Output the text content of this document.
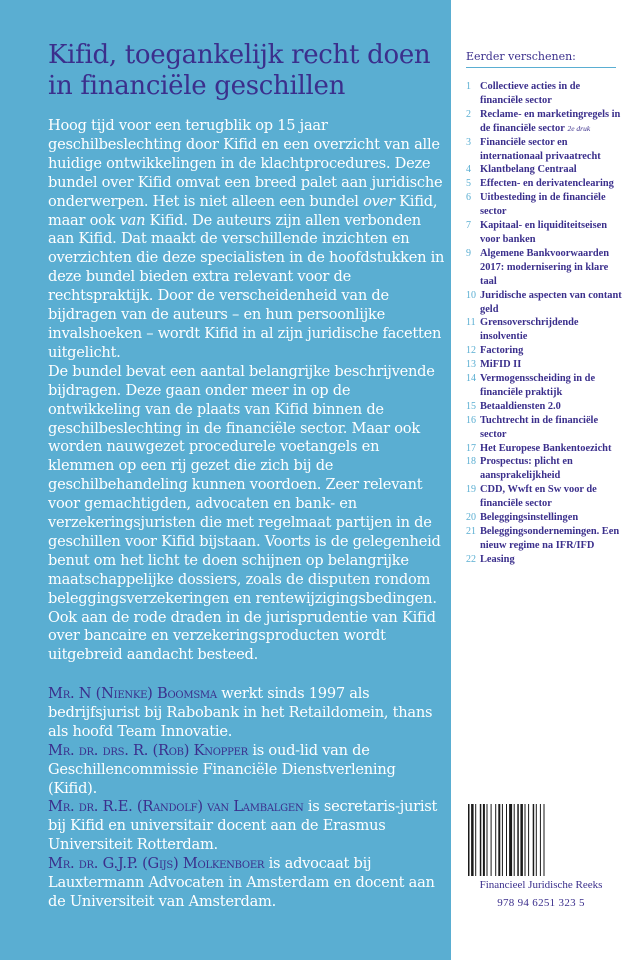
Kifid, toegankelijk recht doen in financiële geschillen

Hoog tijd voor een terugblik op 15 jaar geschilbeslechting door Kifid en een overzicht van alle huidige ontwikkelingen in de klachtprocedures. Deze bundel over Kifid omvat een breed palet aan juridische onderwerpen. Het is niet alleen een bundel over Kifid, maar ook van Kifid. De auteurs zijn allen verbonden aan Kifid. Dat maakt de verschillende inzichten en overzichten die deze specialisten in de hoofdstukken in deze bundel bieden extra relevant voor de rechtspraktijk. Door de verscheidenheid van de bijdragen van de auteurs – en hun persoonlijke invalshoeken – wordt Kifid in al zijn juridische facetten uitgelicht.

De bundel bevat een aantal belangrijke beschrijvende bijdragen. Deze gaan onder meer in op de ontwikkeling van de plaats van Kifid binnen de geschilbeslechting in de financiële sector. Maar ook worden nauwgezet procedurele voetangels en klemmen op een rij gezet die zich bij de geschilbehandeling kunnen voordoen. Zeer relevant voor gemachtigden, advocaten en bank- en verzekeringsjuristen die met regelmaat partijen in de geschillen voor Kifid bijstaan. Voorts is de gelegenheid benut om het licht te doen schijnen op belangrijke maatschappelijke dossiers, zoals de disputen rondom beleggingsverzekeringen en rentewijzigingsbedingen. Ook aan de rode draden in de jurisprudentie van Kifid over bancaire en verzekeringsproducten wordt uitgebreid aandacht besteed.

Mr. N (Nienke) Boomsma werkt sinds 1997 als bedrijfsjurist bij Rabobank in het Retaildomein, thans als hoofd Team Innovatie.

Mr. dr. drs. R. (Rob) Knopper is oud-lid van de Geschillencommissie Financiële Dienstverlening (Kifid).

Mr. dr. R.E. (Randolf) van Lambalgen is secretaris-jurist bij Kifid en universitair docent aan de Erasmus Universiteit Rotterdam.

Mr. dr. G.J.P. (Gijs) Molkenboer is advocaat bij Lauxtermann Advocaten in Amsterdam en docent aan de Universiteit van Amsterdam.

Eerder verschenen:
1 Collectieve acties in de financiële sector
2 Reclame- en marketingregels in de financiële sector 2e druk
3 Financiële sector en internationaal privaatrecht
4 Klantbelang Centraal
5 Effecten- en derivatenclearing
6 Uitbesteding in de financiële sector
7 Kapitaal- en liquiditeitseisen voor banken
9 Algemene Bankvoorwaarden 2017: modernisering in klare taal
10 Juridische aspecten van contant geld
11 Grensoverschrijdende insolventie
12 Factoring
13 MiFID II
14 Vermogensscheiding in de financiële praktijk
15 Betaaldiensten 2.0
16 Tuchtrecht in de financiële sector
17 Het Europese Bankentoezicht
18 Prospectus: plicht en aansprakelijkheid
19 CDD, Wwft en Sw voor de financiële sector
20 Beleggingsinstellingen
21 Beleggingsondernemingen. Een nieuw regime na IFR/IFD
22 Leasing

Financieel Juridische Reeks

978 94 6251 323 5
